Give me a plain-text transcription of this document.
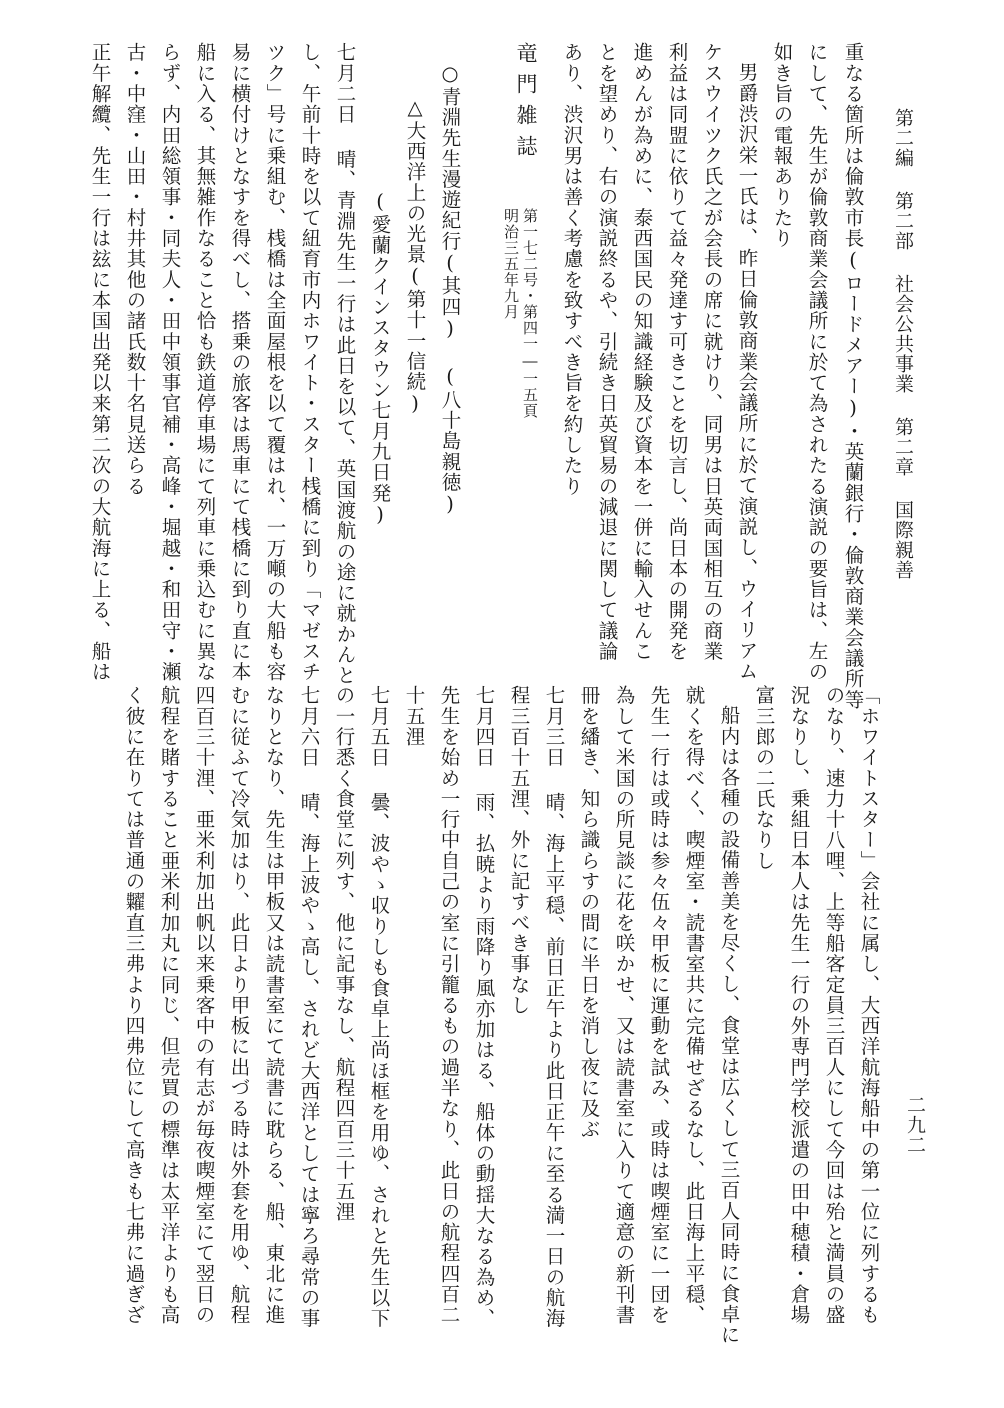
第二編 第二部 社会公共事業 第二章 国際親善
二九二
重なる箇所は倫敦市長(ロードメアー)・英蘭銀行・倫敦商業会議所等
にして、先生が倫敦商業会議所に於て為されたる演説の要旨は、左の
如き旨の電報ありたり
男爵渋沢栄一氏は、昨日倫敦商業会議所に於て演説し、ウイリアム
ケスウイツク氏之が会長の席に就けり、同男は日英両国相互の商業
利益は同盟に依りて益々発達す可きことを切言し、尚日本の開発を
進めんが為めに、泰西国民の知識経験及び資本を一併に輸入せんこ
とを望めり、右の演説終るや、引続き日英貿易の減退に関して議論
あり、渋沢男は善く考慮を致すべき旨を約したり
竜門雑誌
第一七二号・第四一―一五頁
明治三五年九月
○青淵先生漫遊紀行(其四) (八十島親徳)
△大西洋上の光景(第十一信続)
(愛蘭クインスタウン七月九日発)
七月二日 晴、青淵先生一行は此日を以て、英国渡航の途に就かんと
し、午前十時を以て紐育市内ホワイト・スター桟橋に到り「マゼスチ
ツク」号に乗組む、桟橋は全面屋根を以て覆はれ、一万噸の大船も容
易に横付けとなすを得べし、搭乗の旅客は馬車にて桟橋に到り直に本
船に入る、其無雑作なること恰も鉄道停車場にて列車に乗込むに異な
らず、内田総領事・同夫人・田中領事官補・高峰・堀越・和田守・瀬
古・中窪・山田・村井其他の諸氏数十名見送らる
正午解纜、先生一行は玆に本国出発以来第二次の大航海に上る、船は
「ホワイトスター」会社に属し、大西洋航海船中の第一位に列するも
のなり、速力十八哩、上等船客定員三百人にして今回は殆と満員の盛
況なりし、乗組日本人は先生一行の外専門学校派遣の田中穂積・倉場
富三郎の二氏なりし
船内は各種の設備善美を尽くし、食堂は広くして三百人同時に食卓に
就くを得べく、喫煙室・読書室共に完備せざるなし、此日海上平穏、
先生一行は或時は参々伍々甲板に運動を試み、或時は喫煙室に一団を
為して米国の所見談に花を咲かせ、又は読書室に入りて適意の新刊書
冊を繙き、知ら識らすの間に半日を消し夜に及ぶ
七月三日 晴、海上平穏、前日正午より此日正午に至る満一日の航海
程三百十五浬、外に記すべき事なし
七月四日 雨、払暁より雨降り風亦加はる、船体の動揺大なる為め、
先生を始め一行中自己の室に引籠るもの過半なり、此日の航程四百二
十五浬
七月五日 曇、波やゝ収りしも食卓上尚ほ框を用ゆ、されと先生以下
の一行悉く食堂に列す、他に記事なし、航程四百三十五浬
七月六日 晴、海上波やゝ高し、されど大西洋としては寧ろ尋常の事
なりとなり、先生は甲板又は読書室にて読書に耽らる、船、東北に進
むに従ふて冷気加はり、此日より甲板に出づる時は外套を用ゆ、航程
四百三十浬、亜米利加出帆以来乗客中の有志が毎夜喫煙室にて翌日の
航程を賭すること亜米利加丸に同じ、但売買の標準は太平洋よりも高
く彼に在りては普通の糶直三弗より四弗位にして高きも七弗に過ぎざ
